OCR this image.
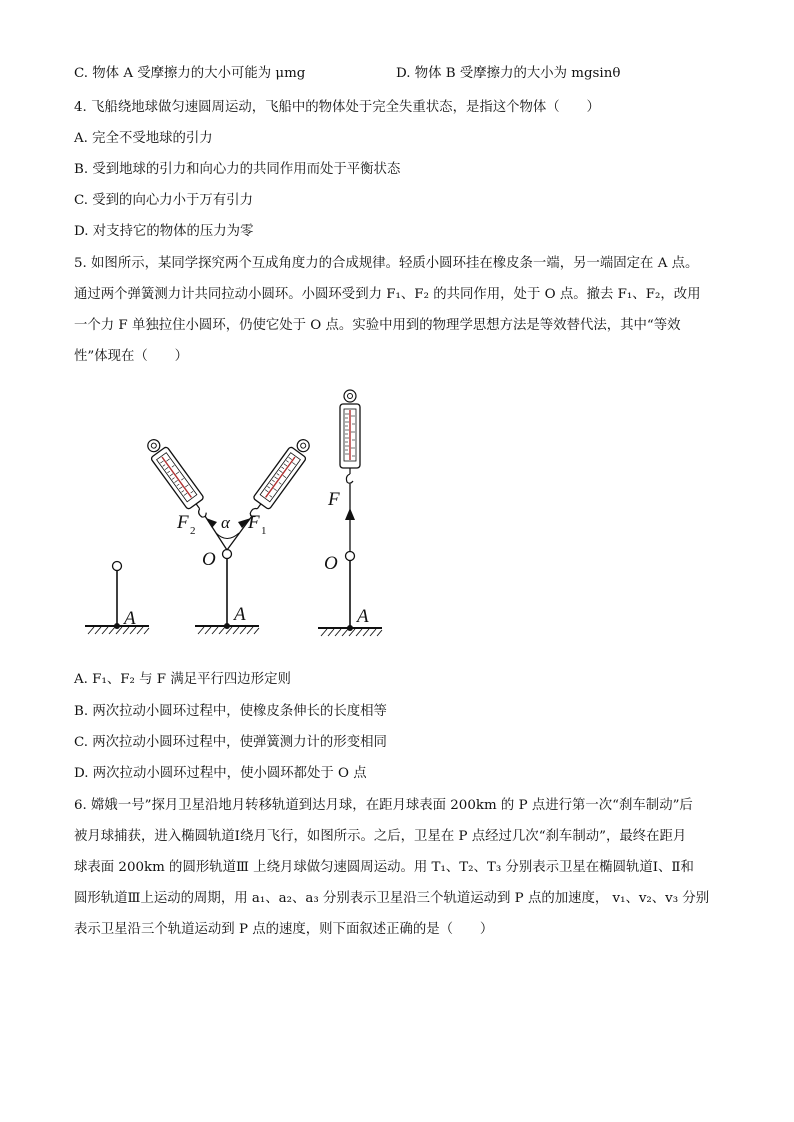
C. 物体 A 受摩擦力的大小可能为 μmg	D. 物体 B 受摩擦力的大小为 mgsinθ
4. 飞船绕地球做匀速圆周运动，飞船中的物体处于完全失重状态，是指这个物体（　　）
A. 完全不受地球的引力
B. 受到地球的引力和向心力的共同作用而处于平衡状态
C. 受到的向心力小于万有引力
D. 对支持它的物体的压力为零
5. 如图所示，某同学探究两个互成角度力的合成规律。轻质小圆环挂在橡皮条一端，另一端固定在 A 点。
通过两个弹簧测力计共同拉动小圆环。小圆环受到力 F₁、F₂ 的共同作用，处于 O 点。撤去 F₁、F₂，改用
一个力 F 单独拉住小圆环，仍使它处于 O 点。实验中用到的物理学思想方法是等效替代法，其中“等效
性”体现在（　　）
A
F 2	F 1
α
O
A
F
O
A
A. F₁、F₂ 与 F 满足平行四边形定则
B. 两次拉动小圆环过程中，使橡皮条伸长的长度相等
C. 两次拉动小圆环过程中，使弹簧测力计的形变相同
D. 两次拉动小圆环过程中，使小圆环都处于 O 点
6. 嫦娥一号”探月卫星沿地月转移轨道到达月球，在距月球表面 200km 的 P 点进行第一次“刹车制动”后
被月球捕获，进入椭圆轨道Ⅰ绕月飞行，如图所示。之后，卫星在 P 点经过几次“刹车制动”，最终在距月
球表面 200km 的圆形轨道Ⅲ 上绕月球做匀速圆周运动。用 T₁、T₂、T₃ 分别表示卫星在椭圆轨道Ⅰ、Ⅱ和
圆形轨道Ⅲ上运动的周期，用 a₁、a₂、a₃ 分别表示卫星沿三个轨道运动到 P 点的加速度， v₁、v₂、v₃ 分别
表示卫星沿三个轨道运动到 P 点的速度，则下面叙述正确的是（　　）
